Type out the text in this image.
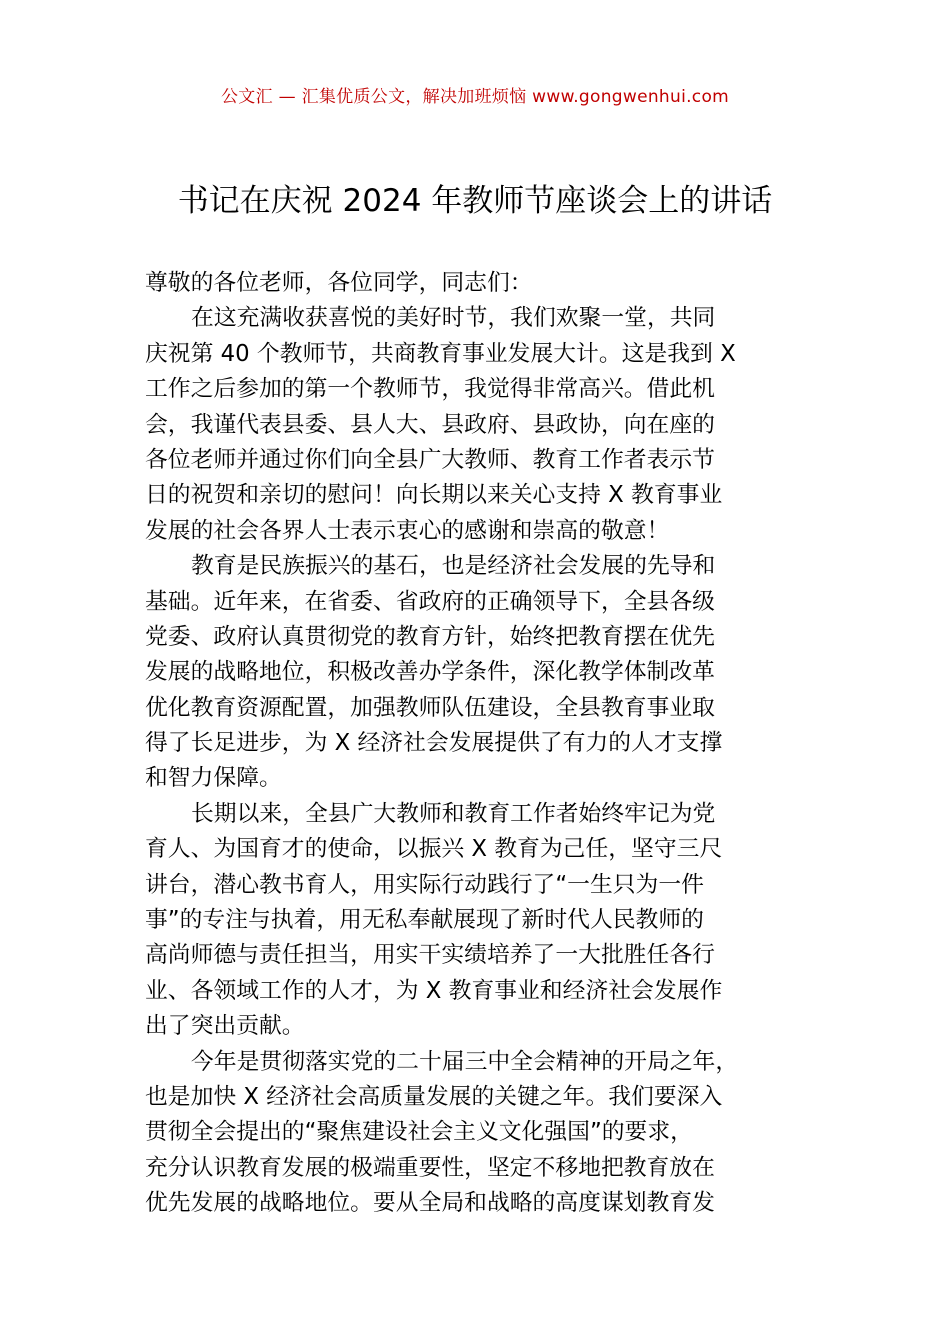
公文汇 — 汇集优质公文，解决加班烦恼 www.gongwenhui.com
书记在庆祝 2024 年教师节座谈会上的讲话
尊敬的各位老师，各位同学，同志们：
在这充满收获喜悦的美好时节，我们欢聚一堂，共同
庆祝第 40 个教师节，共商教育事业发展大计。这是我到 X
工作之后参加的第一个教师节，我觉得非常高兴。借此机
会，我谨代表县委、县人大、县政府、县政协，向在座的
各位老师并通过你们向全县广大教师、教育工作者表示节
日的祝贺和亲切的慰问！向长期以来关心支持 X 教育事业
发展的社会各界人士表示衷心的感谢和崇高的敬意！
教育是民族振兴的基石，也是经济社会发展的先导和
基础。近年来，在省委、省政府的正确领导下，全县各级
党委、政府认真贯彻党的教育方针，始终把教育摆在优先
发展的战略地位，积极改善办学条件，深化教学体制改革
优化教育资源配置，加强教师队伍建设，全县教育事业取
得了长足进步，为 X 经济社会发展提供了有力的人才支撑
和智力保障。
长期以来，全县广大教师和教育工作者始终牢记为党
育人、为国育才的使命，以振兴 X 教育为己任，坚守三尺
讲台，潜心教书育人，用实际行动践行了“一生只为一件
事”的专注与执着，用无私奉献展现了新时代人民教师的
高尚师德与责任担当，用实干实绩培养了一大批胜任各行
业、各领域工作的人才，为 X 教育事业和经济社会发展作
出了突出贡献。
今年是贯彻落实党的二十届三中全会精神的开局之年，
也是加快 X 经济社会高质量发展的关键之年。我们要深入
贯彻全会提出的“聚焦建设社会主义文化强国”的要求，
充分认识教育发展的极端重要性，坚定不移地把教育放在
优先发展的战略地位。要从全局和战略的高度谋划教育发
